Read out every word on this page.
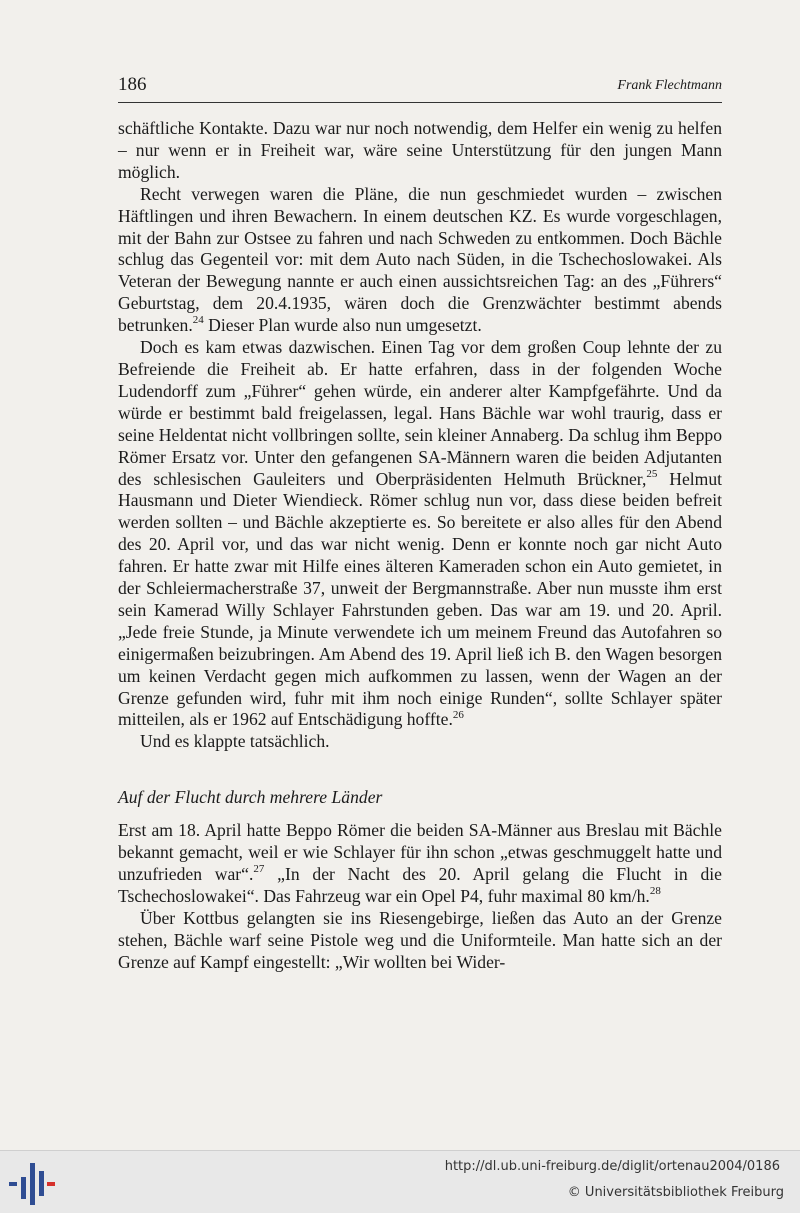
186	Frank Flechtmann

schäftliche Kontakte. Dazu war nur noch notwendig, dem Helfer ein wenig zu helfen – nur wenn er in Freiheit war, wäre seine Unterstützung für den jungen Mann möglich.

Recht verwegen waren die Pläne, die nun geschmiedet wurden – zwischen Häftlingen und ihren Bewachern. In einem deutschen KZ. Es wurde vorgeschlagen, mit der Bahn zur Ostsee zu fahren und nach Schweden zu entkommen. Doch Bächle schlug das Gegenteil vor: mit dem Auto nach Süden, in die Tschechoslowakei. Als Veteran der Bewegung nannte er auch einen aussichtsreichen Tag: an des „Führers“ Geburtstag, dem 20.4.1935, wären doch die Grenzwächter bestimmt abends betrunken.$^{24}$ Dieser Plan wurde also nun umgesetzt.

Doch es kam etwas dazwischen. Einen Tag vor dem großen Coup lehnte der zu Befreiende die Freiheit ab. Er hatte erfahren, dass in der folgenden Woche Ludendorff zum „Führer“ gehen würde, ein anderer alter Kampfgefährte. Und da würde er bestimmt bald freigelassen, legal. Hans Bächle war wohl traurig, dass er seine Heldentat nicht vollbringen sollte, sein kleiner Annaberg. Da schlug ihm Beppo Römer Ersatz vor. Unter den gefangenen SA-Männern waren die beiden Adjutanten des schlesischen Gauleiters und Oberpräsidenten Helmuth Brückner,$^{25}$ Helmut Hausmann und Dieter Wiendieck. Römer schlug nun vor, dass diese beiden befreit werden sollten – und Bächle akzeptierte es. So bereitete er also alles für den Abend des 20. April vor, und das war nicht wenig. Denn er konnte noch gar nicht Auto fahren. Er hatte zwar mit Hilfe eines älteren Kameraden schon ein Auto gemietet, in der Schleiermacherstraße 37, unweit der Bergmannstraße. Aber nun musste ihm erst sein Kamerad Willy Schlayer Fahrstunden geben. Das war am 19. und 20. April. „Jede freie Stunde, ja Minute verwendete ich um meinem Freund das Autofahren so einigermaßen beizubringen. Am Abend des 19. April ließ ich B. den Wagen besorgen um keinen Verdacht gegen mich aufkommen zu lassen, wenn der Wagen an der Grenze gefunden wird, fuhr mit ihm noch einige Runden“, sollte Schlayer später mitteilen, als er 1962 auf Entschädigung hoffte.$^{26}$

Und es klappte tatsächlich.

Auf der Flucht durch mehrere Länder

Erst am 18. April hatte Beppo Römer die beiden SA-Männer aus Breslau mit Bächle bekannt gemacht, weil er wie Schlayer für ihn schon „etwas geschmuggelt hatte und unzufrieden war“.$^{27}$ „In der Nacht des 20. April gelang die Flucht in die Tschechoslowakei“. Das Fahrzeug war ein Opel P4, fuhr maximal 80 km/h.$^{28}$

Über Kottbus gelangten sie ins Riesengebirge, ließen das Auto an der Grenze stehen, Bächle warf seine Pistole weg und die Uniformteile. Man hatte sich an der Grenze auf Kampf eingestellt: „Wir wollten bei Wider-

http://dl.ub.uni-freiburg.de/diglit/ortenau2004/0186
© Universitätsbibliothek Freiburg
